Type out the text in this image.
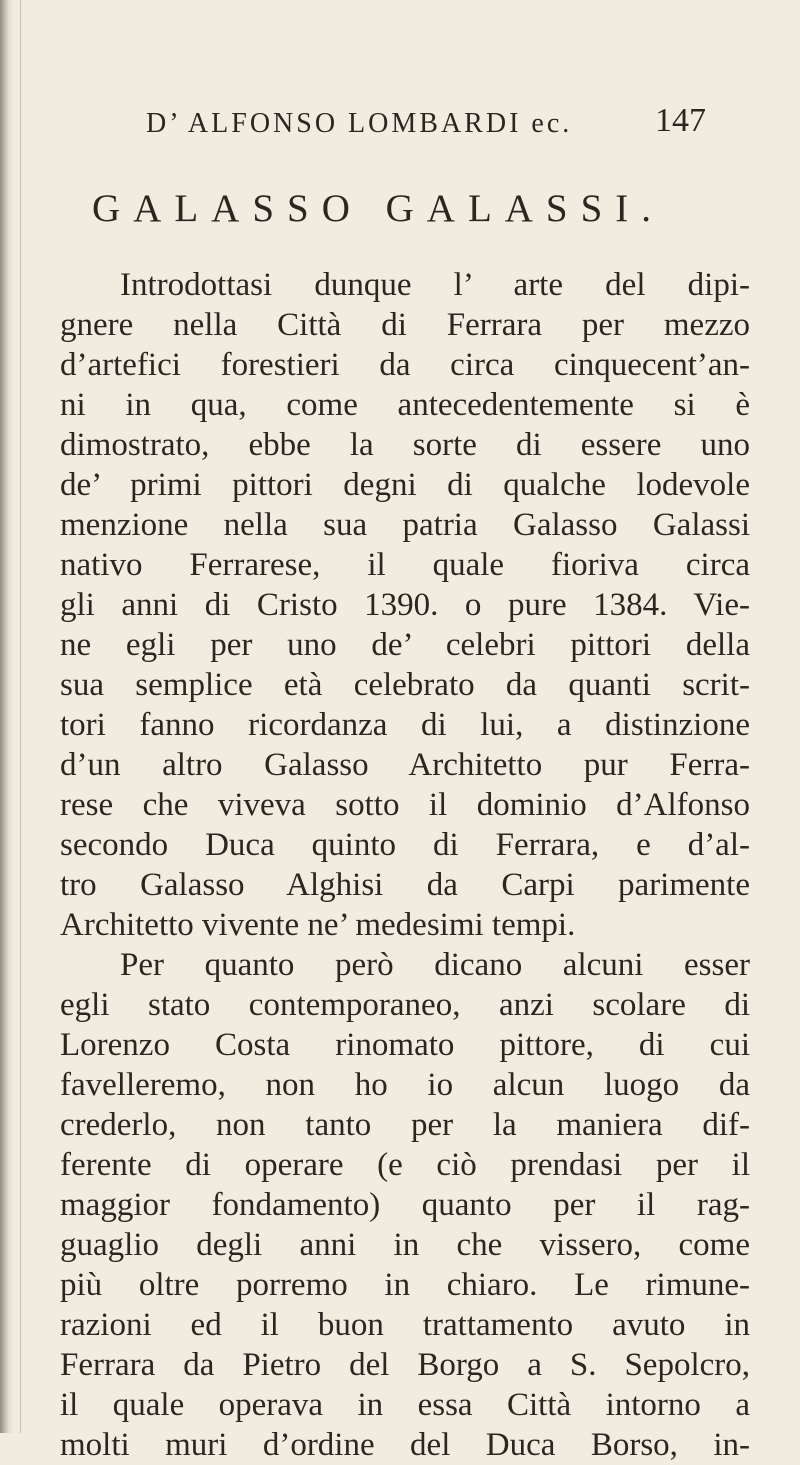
D’ ALFONSO LOMBARDI ec. 147
GALASSO GALASSI.
Introdottasi dunque l’ arte del dipi-
gnere nella Città di Ferrara per mezzo
d’artefici forestieri da circa cinquecent’an-
ni in qua, come antecedentemente si è
dimostrato, ebbe la sorte di essere uno
de’ primi pittori degni di qualche lodevole
menzione nella sua patria Galasso Galassi
nativo Ferrarese, il quale fioriva circa
gli anni di Cristo 1390. o pure 1384. Vie-
ne egli per uno de’ celebri pittori della
sua semplice età celebrato da quanti scrit-
tori fanno ricordanza di lui, a distinzione
d’un altro Galasso Architetto pur Ferra-
rese che viveva sotto il dominio d’Alfonso
secondo Duca quinto di Ferrara, e d’al-
tro Galasso Alghisi da Carpi parimente
Architetto vivente ne’ medesimi tempi.
Per quanto però dicano alcuni esser
egli stato contemporaneo, anzi scolare di
Lorenzo Costa rinomato pittore, di cui
favelleremo, non ho io alcun luogo da
crederlo, non tanto per la maniera dif-
ferente di operare (e ciò prendasi per il
maggior fondamento) quanto per il rag-
guaglio degli anni in che vissero, come
più oltre porremo in chiaro. Le rimune-
razioni ed il buon trattamento avuto in
Ferrara da Pietro del Borgo a S. Sepolcro,
il quale operava in essa Città intorno a
molti muri d’ordine del Duca Borso, in-
